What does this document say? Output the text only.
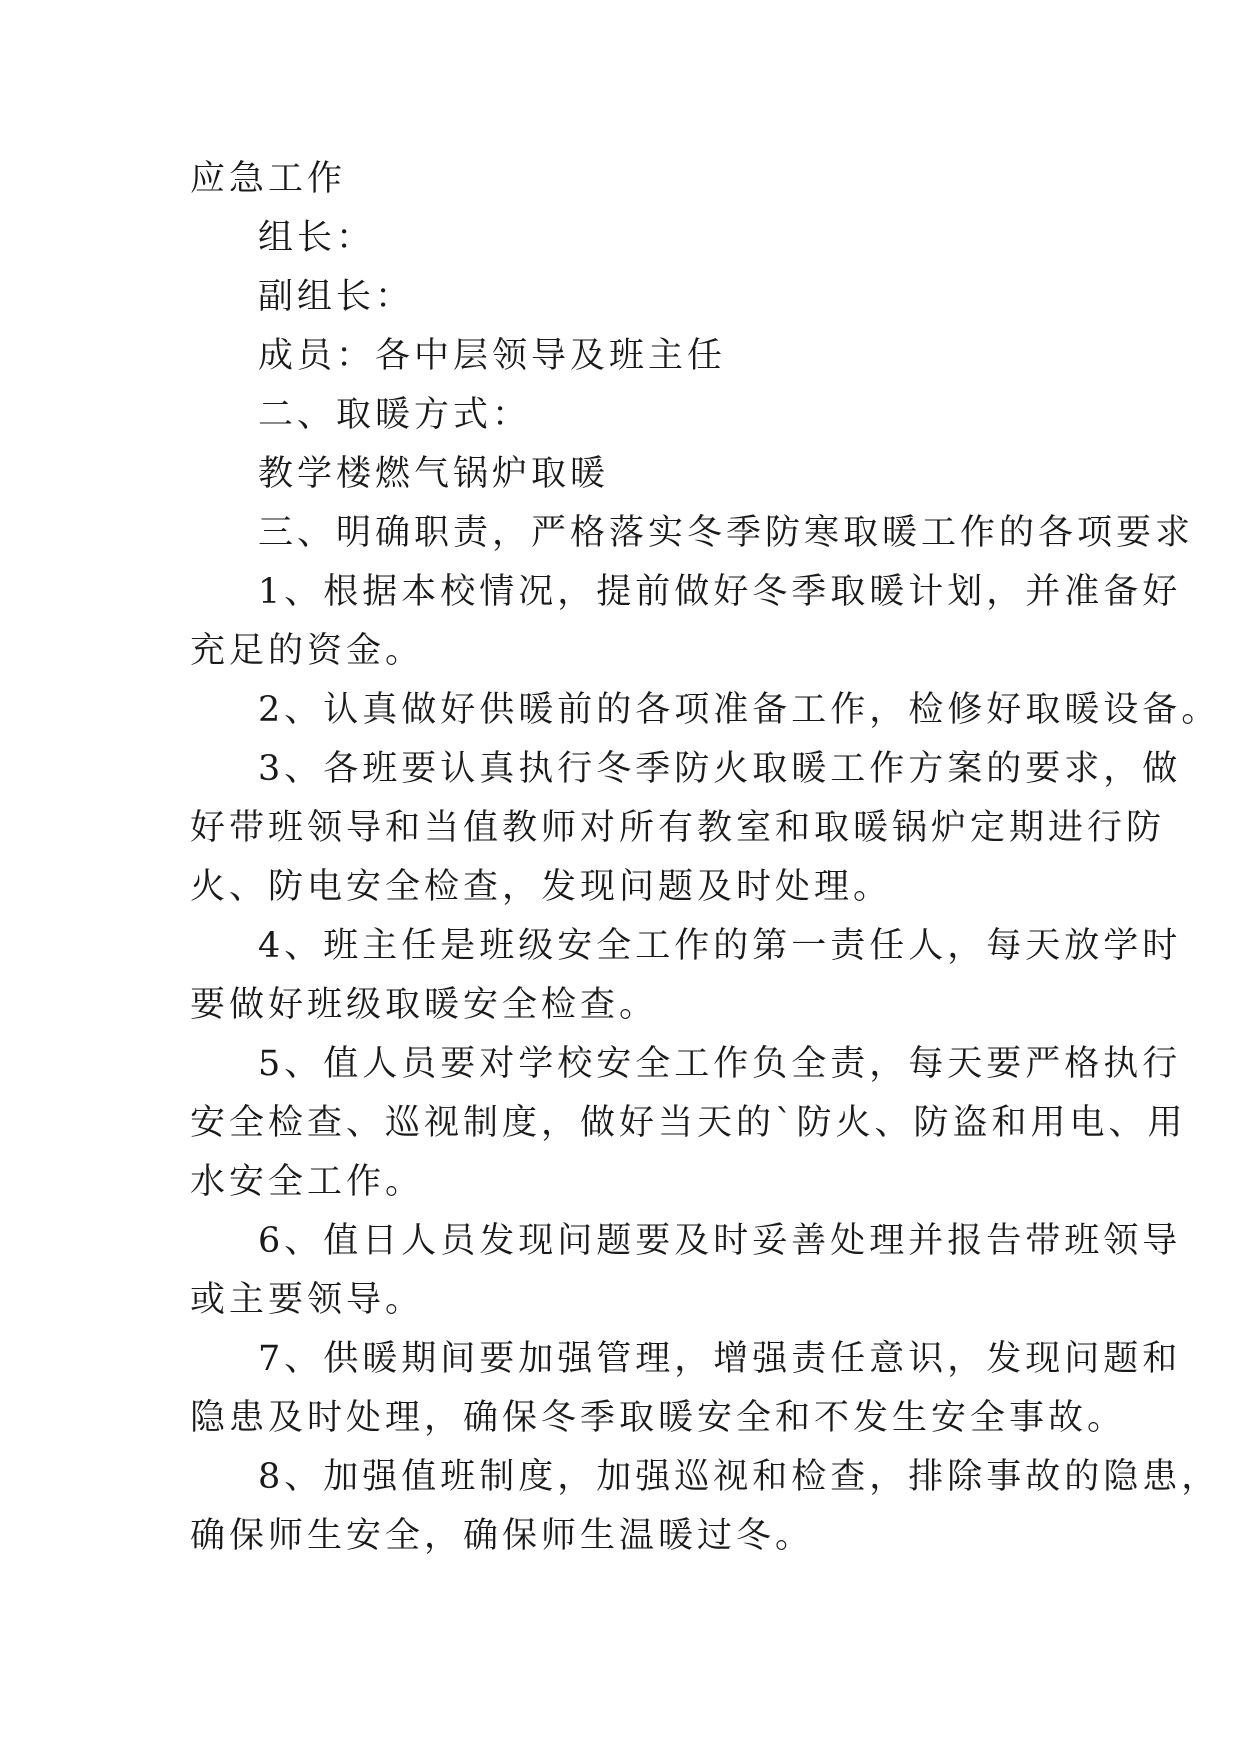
应急工作

组长：

副组长：

成员：各中层领导及班主任

二、取暖方式：

教学楼燃气锅炉取暖

三、明确职责，严格落实冬季防寒取暖工作的各项要求

1、根据本校情况，提前做好冬季取暖计划，并准备好

充足的资金。

2、认真做好供暖前的各项准备工作，检修好取暖设备。

3、各班要认真执行冬季防火取暖工作方案的要求，做

好带班领导和当值教师对所有教室和取暖锅炉定期进行防

火、防电安全检查，发现问题及时处理。

4、班主任是班级安全工作的第一责任人，每天放学时

要做好班级取暖安全检查。

5、值人员要对学校安全工作负全责，每天要严格执行

安全检查、巡视制度，做好当天的`防火、防盗和用电、用

水安全工作。

6、值日人员发现问题要及时妥善处理并报告带班领导

或主要领导。

7、供暖期间要加强管理，增强责任意识，发现问题和

隐患及时处理，确保冬季取暖安全和不发生安全事故。

8、加强值班制度，加强巡视和检查，排除事故的隐患，

确保师生安全，确保师生温暖过冬。
